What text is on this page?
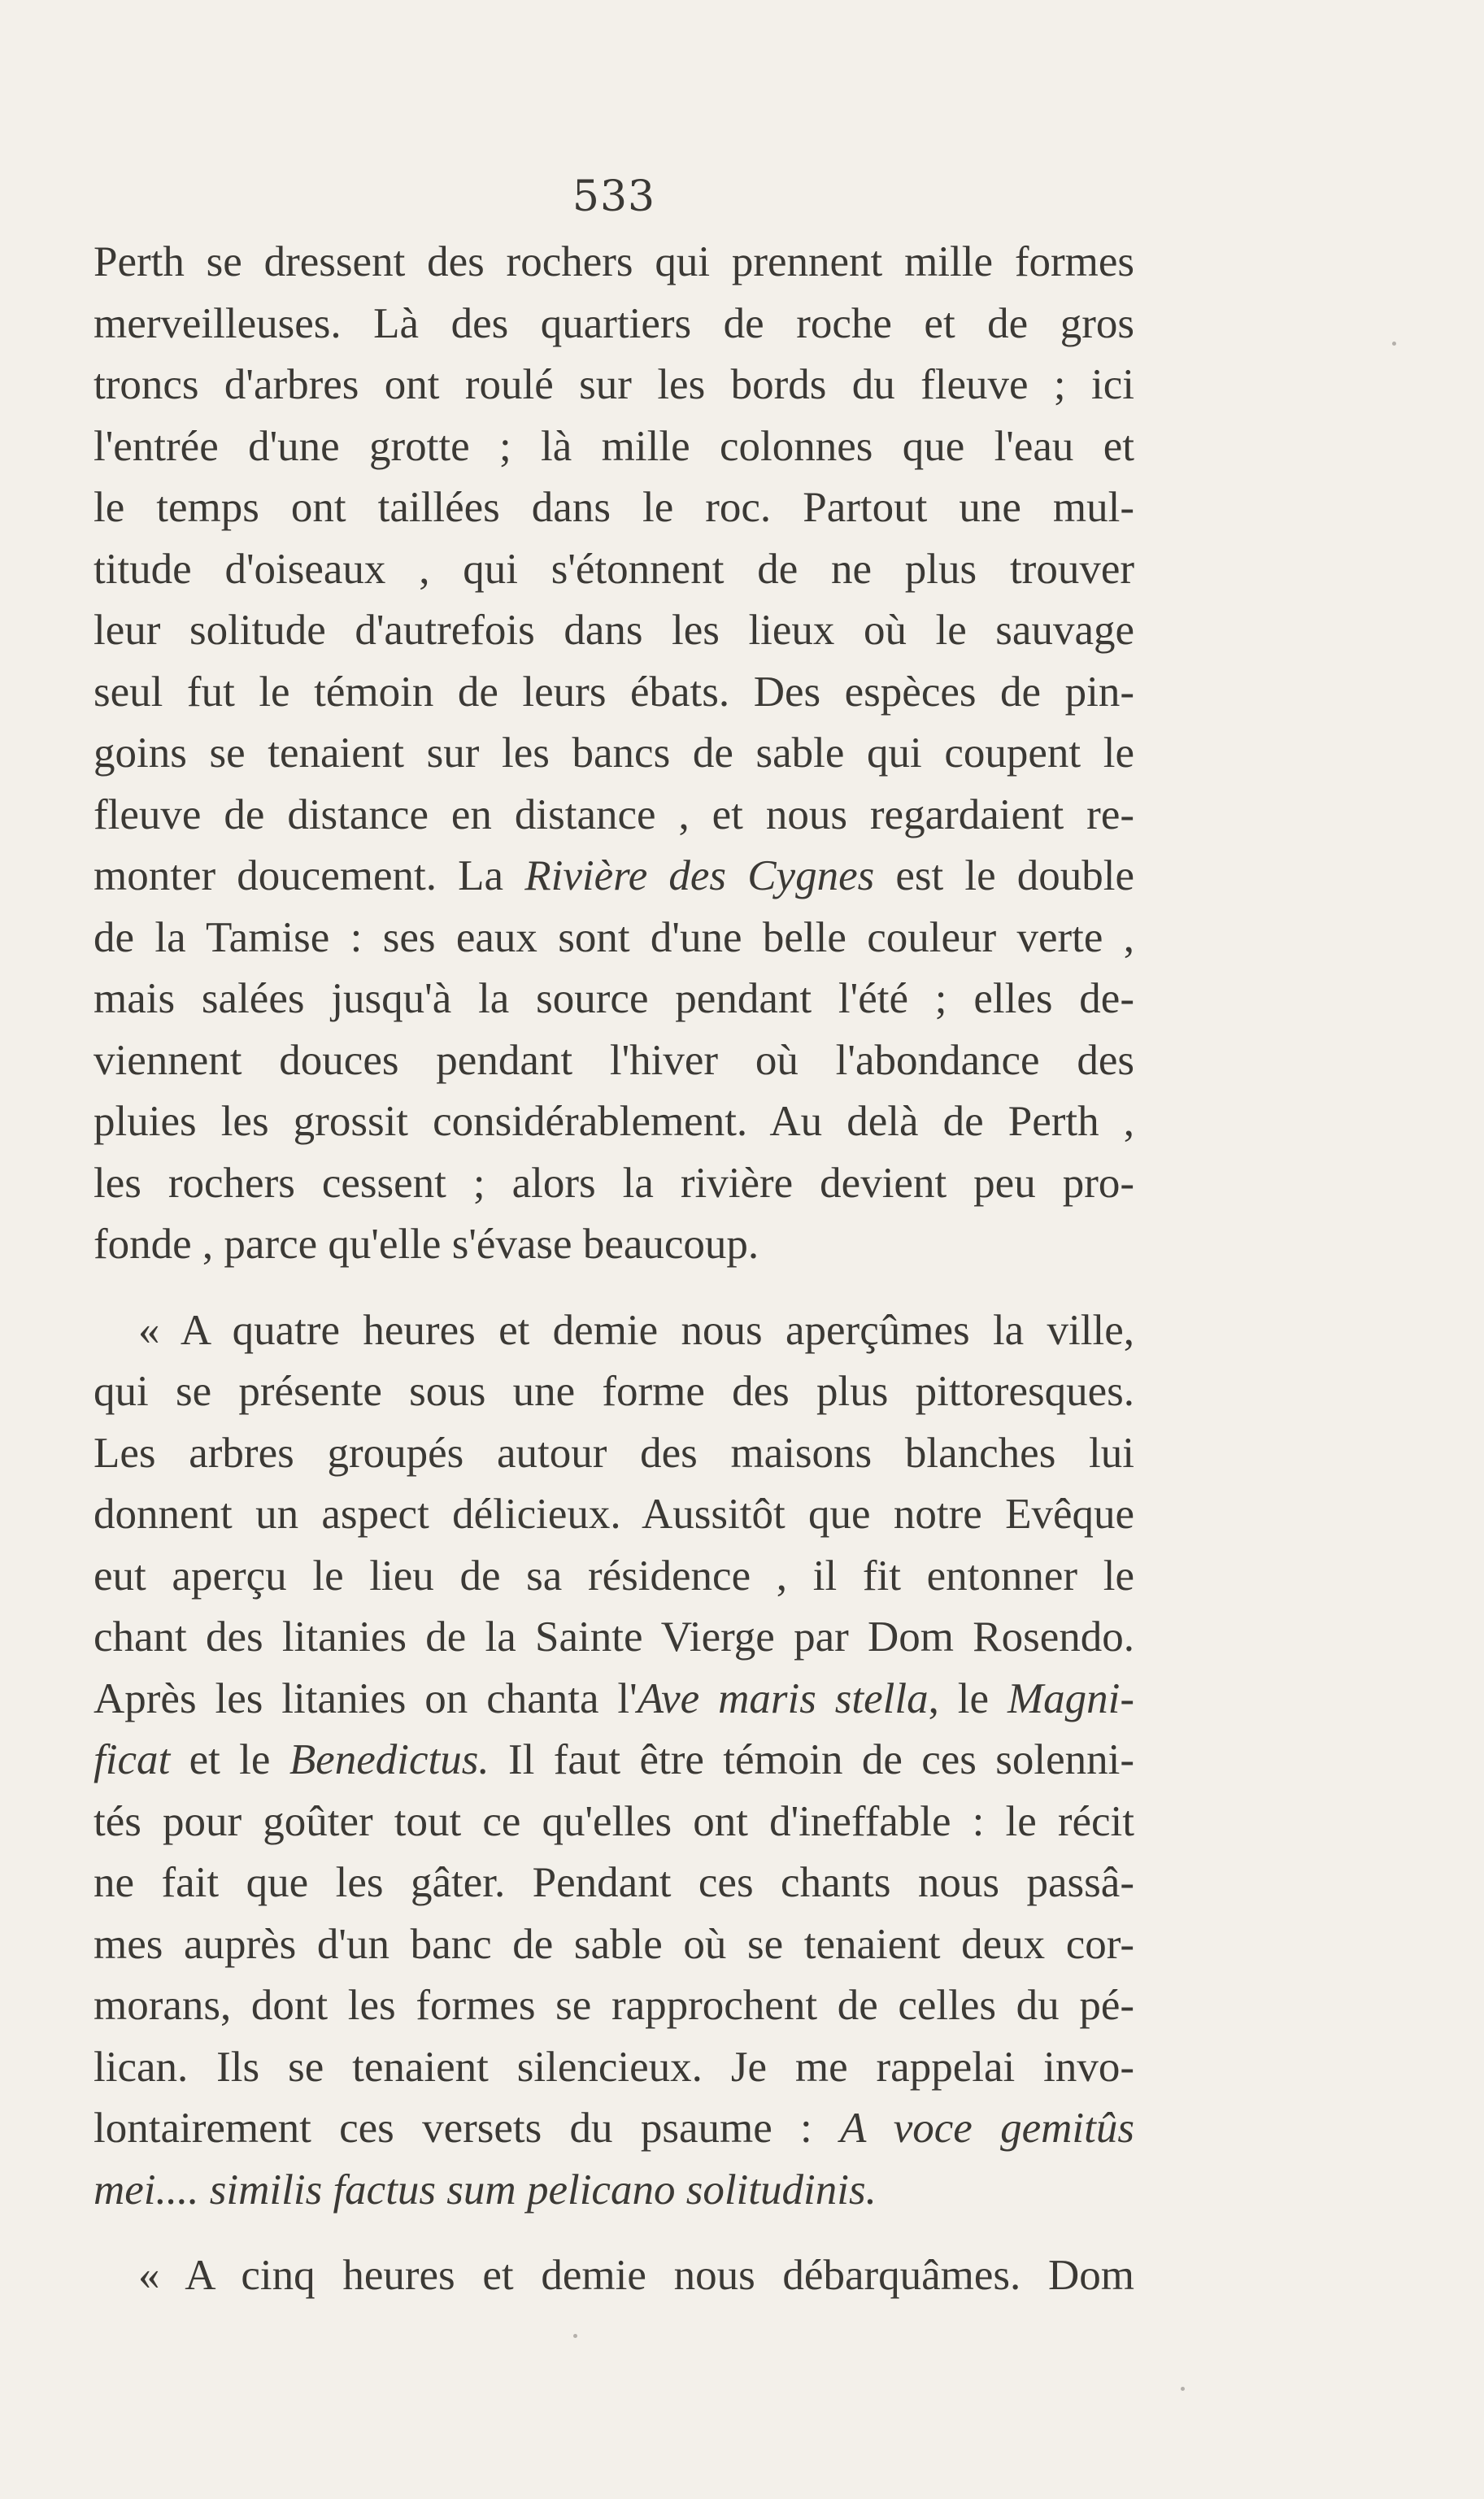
533
Perth se dressent des rochers qui prennent mille formes
merveilleuses. Là des quartiers de roche et de gros
troncs d'arbres ont roulé sur les bords du fleuve ; ici
l'entrée d'une grotte ; là mille colonnes que l'eau et
le temps ont taillées dans le roc. Partout une mul-
titude d'oiseaux , qui s'étonnent de ne plus trouver
leur solitude d'autrefois dans les lieux où le sauvage
seul fut le témoin de leurs ébats. Des espèces de pin-
goins se tenaient sur les bancs de sable qui coupent le
fleuve de distance en distance , et nous regardaient re-
monter doucement. La Rivière des Cygnes est le double
de la Tamise : ses eaux sont d'une belle couleur verte ,
mais salées jusqu'à la source pendant l'été ; elles de-
viennent douces pendant l'hiver où l'abondance des
pluies les grossit considérablement. Au delà de Perth ,
les rochers cessent ; alors la rivière devient peu pro-
fonde , parce qu'elle s'évase beaucoup.
« A quatre heures et demie nous aperçûmes la ville,
qui se présente sous une forme des plus pittoresques.
Les arbres groupés autour des maisons blanches lui
donnent un aspect délicieux. Aussitôt que notre Evêque
eut aperçu le lieu de sa résidence , il fit entonner le
chant des litanies de la Sainte Vierge par Dom Rosendo.
Après les litanies on chanta l'Ave maris stella, le Magni-
ficat et le Benedictus. Il faut être témoin de ces solenni-
tés pour goûter tout ce qu'elles ont d'ineffable : le récit
ne fait que les gâter. Pendant ces chants nous passâ-
mes auprès d'un banc de sable où se tenaient deux cor-
morans, dont les formes se rapprochent de celles du pé-
lican. Ils se tenaient silencieux. Je me rappelai invo-
lontairement ces versets du psaume : A voce gemitûs
mei.... similis factus sum pelicano solitudinis.
« A cinq heures et demie nous débarquâmes. Dom
